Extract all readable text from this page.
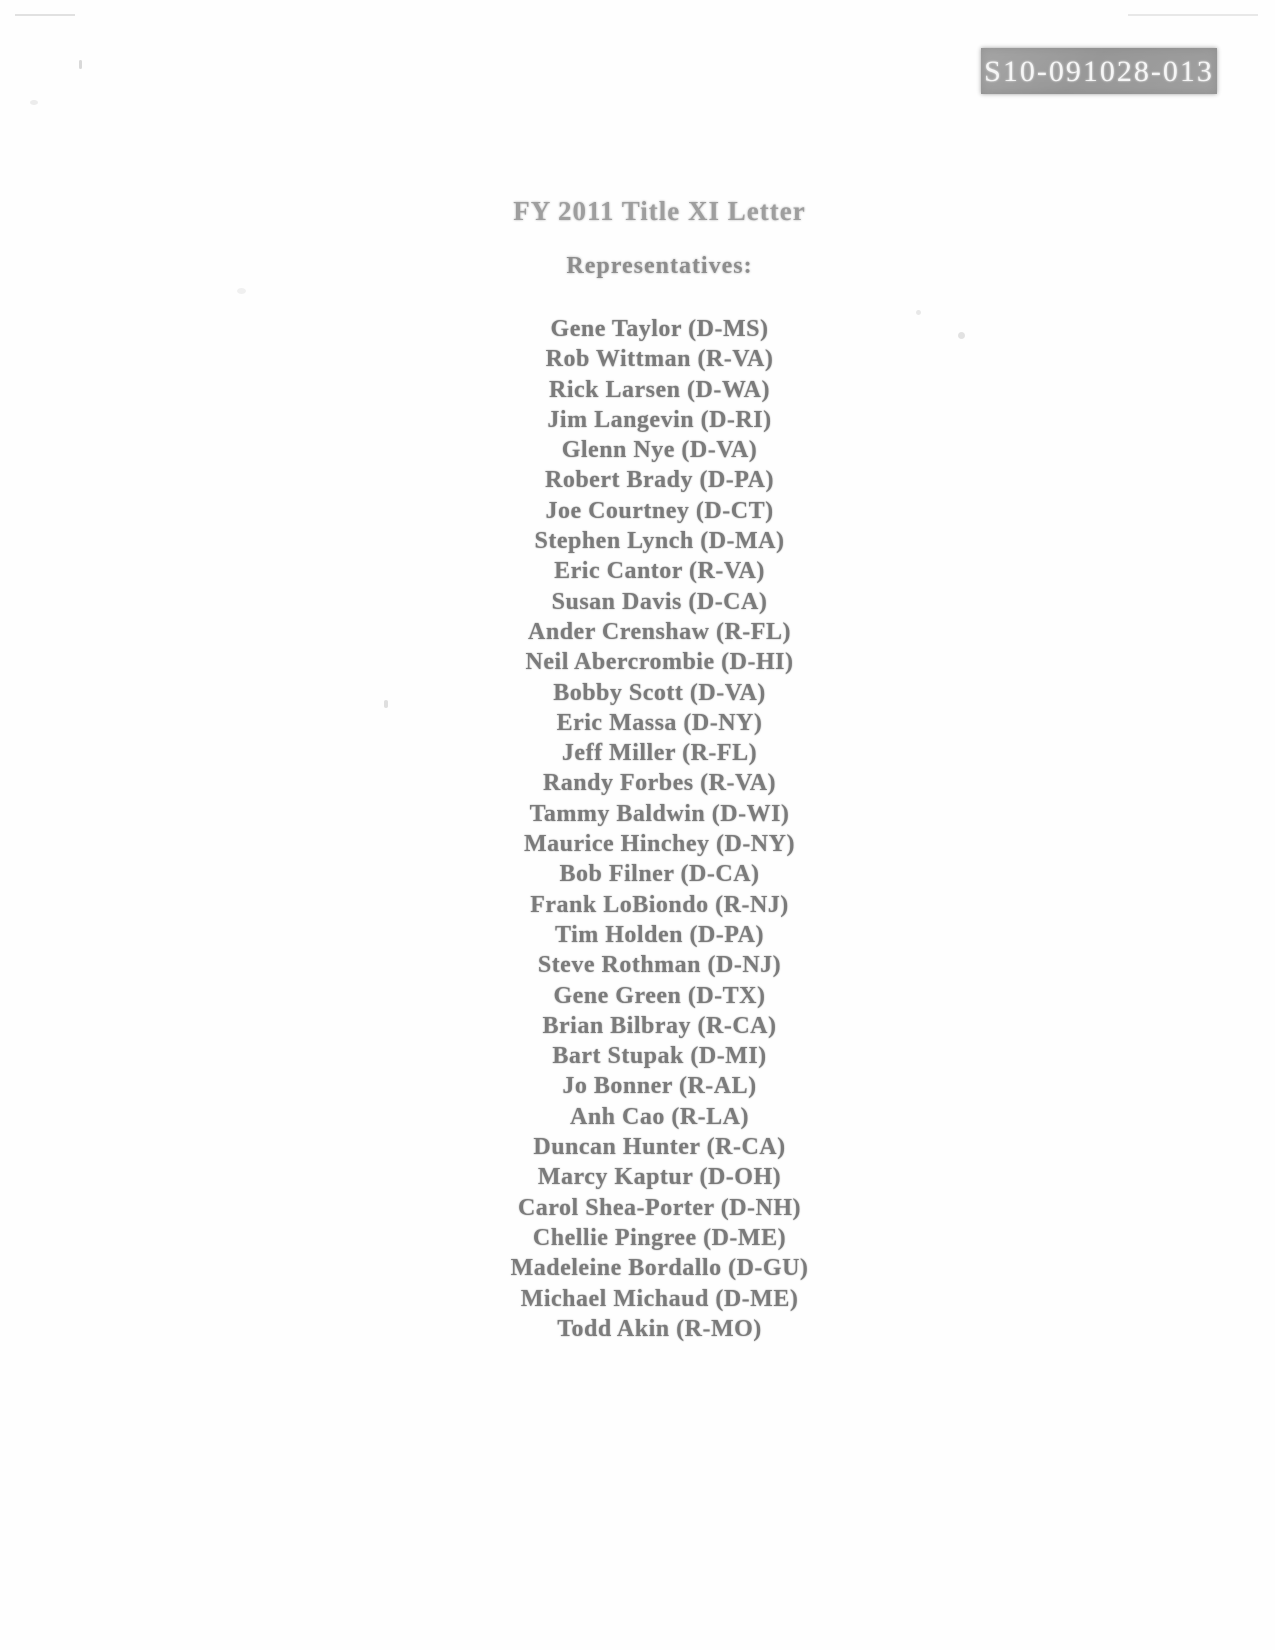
S10-091028-013
FY 2011 Title XI Letter
Representatives:
Gene Taylor (D-MS)
Rob Wittman (R-VA)
Rick Larsen (D-WA)
Jim Langevin (D-RI)
Glenn Nye (D-VA)
Robert Brady (D-PA)
Joe Courtney (D-CT)
Stephen Lynch (D-MA)
Eric Cantor (R-VA)
Susan Davis (D-CA)
Ander Crenshaw (R-FL)
Neil Abercrombie (D-HI)
Bobby Scott (D-VA)
Eric Massa (D-NY)
Jeff Miller (R-FL)
Randy Forbes (R-VA)
Tammy Baldwin (D-WI)
Maurice Hinchey (D-NY)
Bob Filner (D-CA)
Frank LoBiondo (R-NJ)
Tim Holden (D-PA)
Steve Rothman (D-NJ)
Gene Green (D-TX)
Brian Bilbray (R-CA)
Bart Stupak (D-MI)
Jo Bonner (R-AL)
Anh Cao (R-LA)
Duncan Hunter (R-CA)
Marcy Kaptur (D-OH)
Carol Shea-Porter (D-NH)
Chellie Pingree (D-ME)
Madeleine Bordallo (D-GU)
Michael Michaud (D-ME)
Todd Akin (R-MO)
